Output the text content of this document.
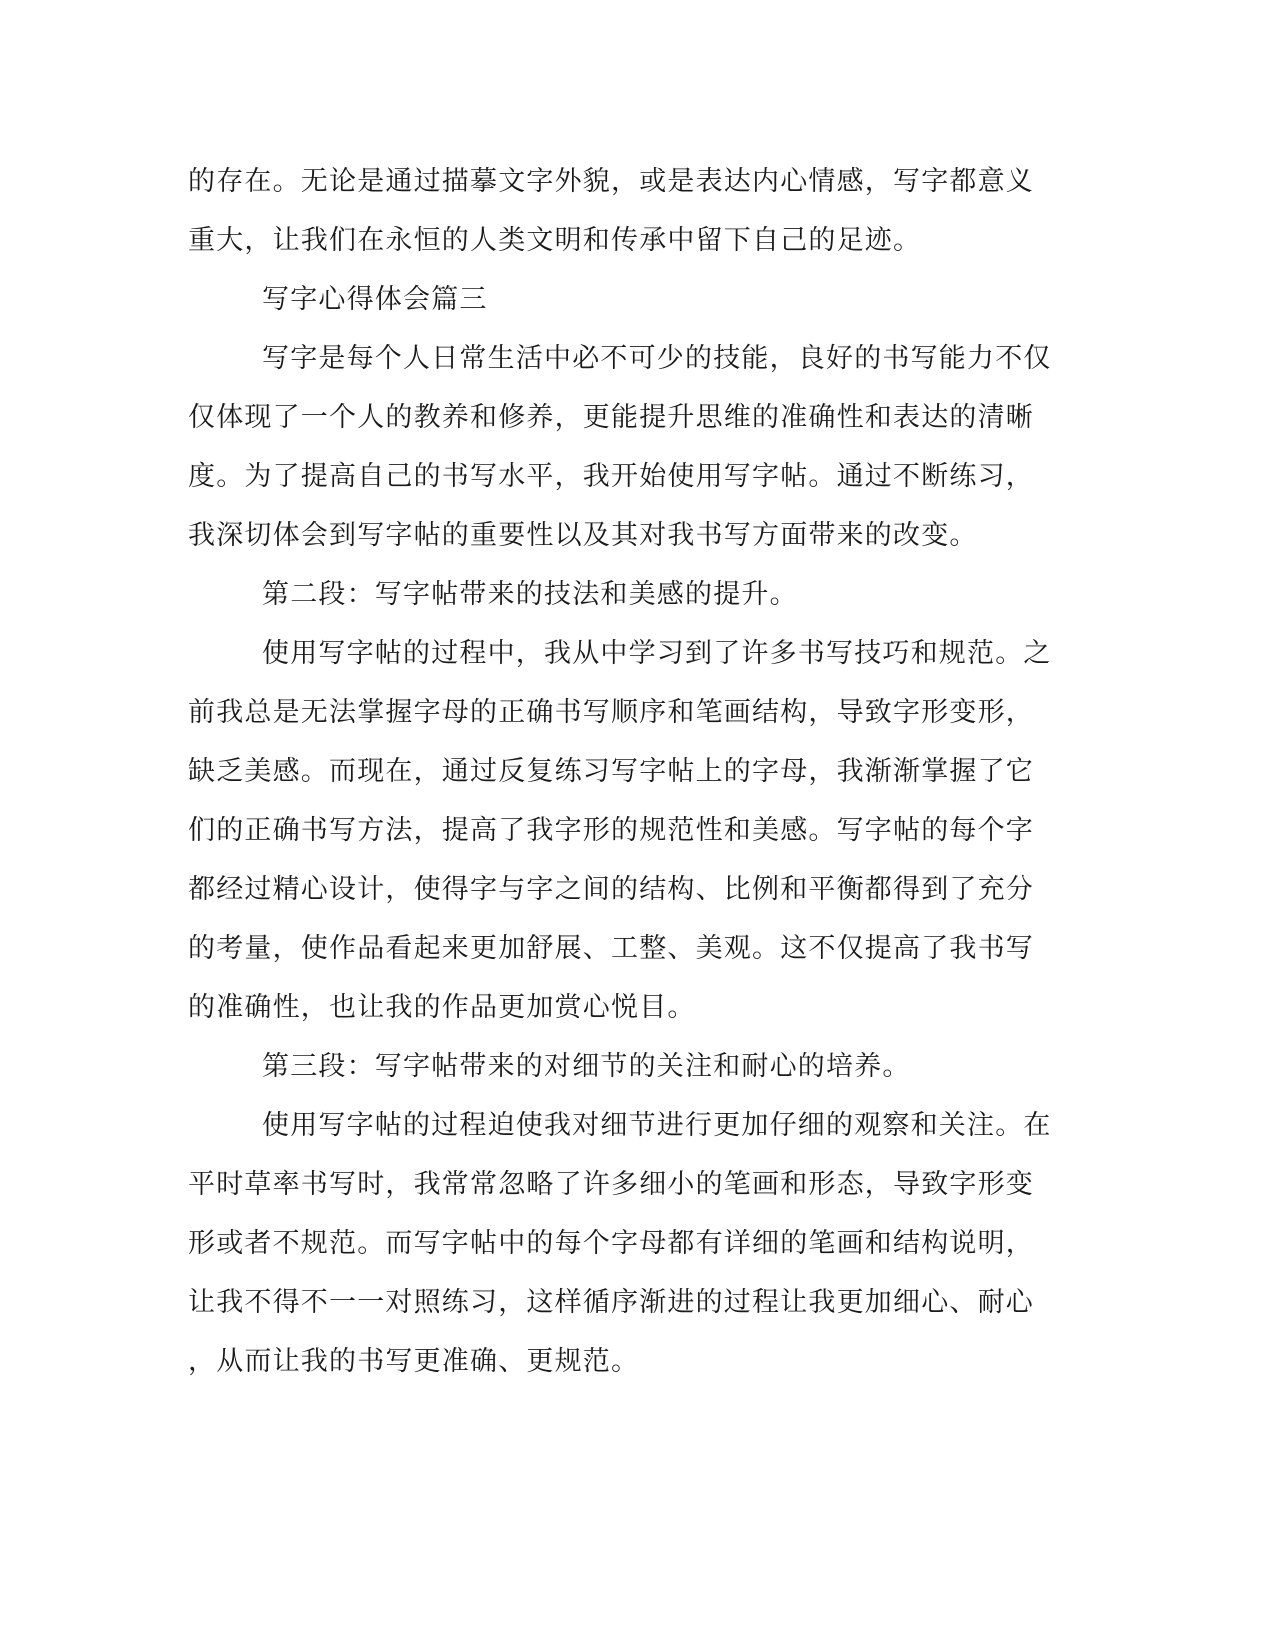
的存在。无论是通过描摹文字外貌，或是表达内心情感，写字都意义
重大，让我们在永恒的人类文明和传承中留下自己的足迹。
写字心得体会篇三
写字是每个人日常生活中必不可少的技能，良好的书写能力不仅
仅体现了一个人的教养和修养，更能提升思维的准确性和表达的清晰
度。为了提高自己的书写水平，我开始使用写字帖。通过不断练习，
我深切体会到写字帖的重要性以及其对我书写方面带来的改变。
第二段：写字帖带来的技法和美感的提升。
使用写字帖的过程中，我从中学习到了许多书写技巧和规范。之
前我总是无法掌握字母的正确书写顺序和笔画结构，导致字形变形，
缺乏美感。而现在，通过反复练习写字帖上的字母，我渐渐掌握了它
们的正确书写方法，提高了我字形的规范性和美感。写字帖的每个字
都经过精心设计，使得字与字之间的结构、比例和平衡都得到了充分
的考量，使作品看起来更加舒展、工整、美观。这不仅提高了我书写
的准确性，也让我的作品更加赏心悦目。
第三段：写字帖带来的对细节的关注和耐心的培养。
使用写字帖的过程迫使我对细节进行更加仔细的观察和关注。在
平时草率书写时，我常常忽略了许多细小的笔画和形态，导致字形变
形或者不规范。而写字帖中的每个字母都有详细的笔画和结构说明，
让我不得不一一对照练习，这样循序渐进的过程让我更加细心、耐心
，从而让我的书写更准确、更规范。
